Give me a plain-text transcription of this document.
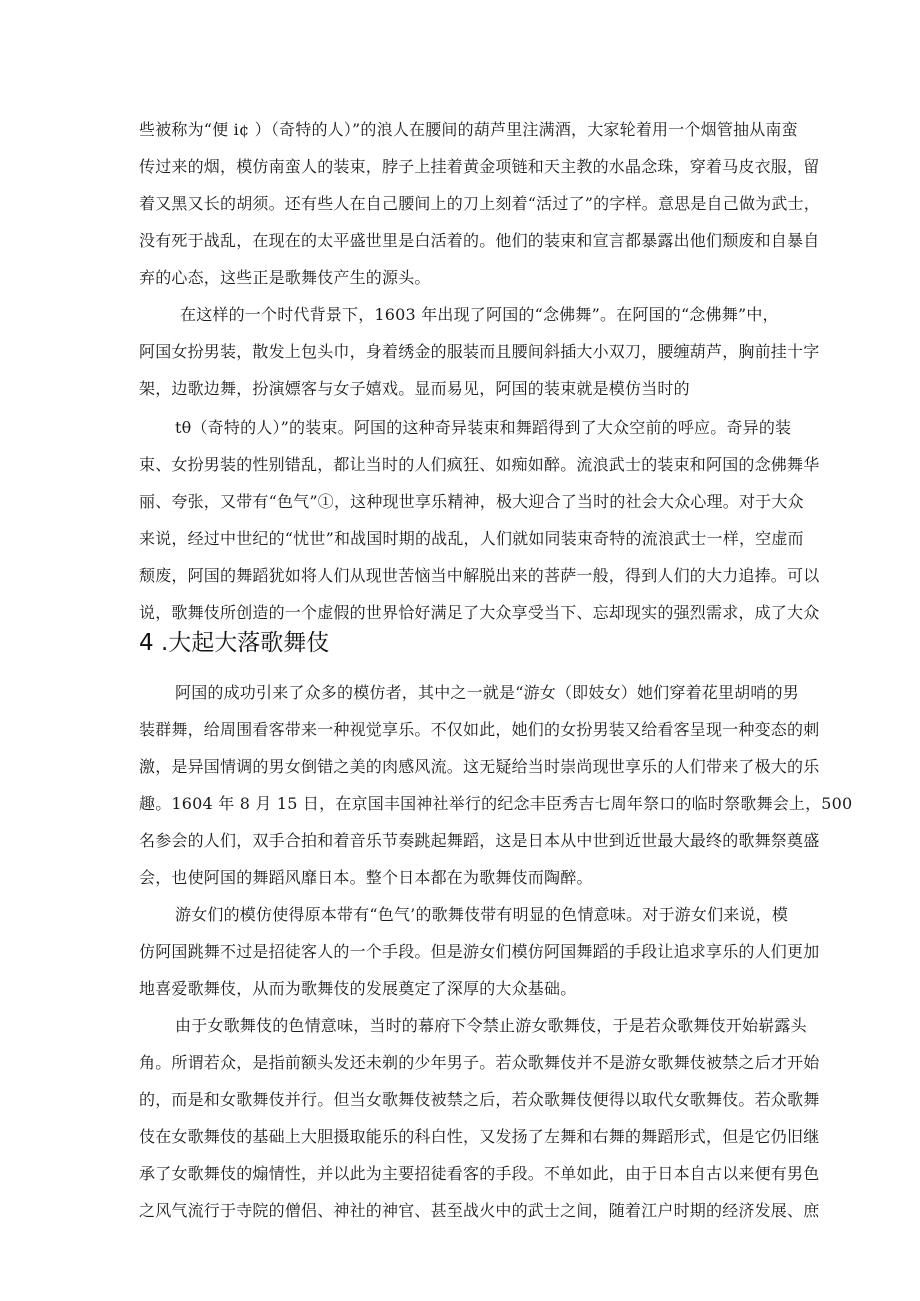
些被称为“便 i¢ ）（奇特的人）”的浪人在腰间的葫芦里注满酒，大家轮着用一个烟管抽从南蛮
传过来的烟，模仿南蛮人的装束，脖子上挂着黄金项链和天主教的水晶念珠，穿着马皮衣服，留
着又黑又长的胡须。还有些人在自己腰间上的刀上刻着“活过了”的字样。意思是自己做为武士，
没有死于战乱，在现在的太平盛世里是白活着的。他们的装束和宣言都暴露出他们颓废和自暴自
弃的心态，这些正是歌舞伎产生的源头。
在这样的一个时代背景下，1603 年出现了阿国的“念佛舞”。在阿国的“念佛舞”中，
阿国女扮男装，散发上包头巾，身着绣金的服装而且腰间斜插大小双刀，腰缠葫芦，胸前挂十字
架，边歌边舞，扮演嫖客与女子嬉戏。显而易见，阿国的装束就是模仿当时的
tθ（奇特的人）”的装束。阿国的这种奇异装束和舞蹈得到了大众空前的呼应。奇异的装
束、女扮男装的性别错乱，都让当时的人们疯狂、如痴如醉。流浪武士的装束和阿国的念佛舞华
丽、夸张，又带有“色气”①，这种现世享乐精神，极大迎合了当时的社会大众心理。对于大众
来说，经过中世纪的“忧世”和战国时期的战乱，人们就如同装束奇特的流浪武士一样，空虚而
颓废，阿国的舞蹈犹如将人们从现世苦恼当中解脱出来的菩萨一般，得到人们的大力追捧。可以
说，歌舞伎所创造的一个虚假的世界恰好满足了大众享受当下、忘却现实的强烈需求，成了大众
4 .大起大落歌舞伎
阿国的成功引来了众多的模仿者，其中之一就是“游女（即妓女）她们穿着花里胡哨的男
装群舞，给周围看客带来一种视觉享乐。不仅如此，她们的女扮男装又给看客呈现一种变态的刺
激，是异国情调的男女倒错之美的肉感风流。这无疑给当时崇尚现世享乐的人们带来了极大的乐
趣。1604 年 8 月 15 日，在京国丰国神社举行的纪念丰臣秀吉七周年祭口的临时祭歌舞会上，500
名参会的人们，双手合拍和着音乐节奏跳起舞蹈，这是日本从中世到近世最大最终的歌舞祭奠盛
会，也使阿国的舞蹈风靡日本。整个日本都在为歌舞伎而陶醉。
游女们的模仿使得原本带有“色气’的歌舞伎带有明显的色情意味。对于游女们来说，模
仿阿国跳舞不过是招徒客人的一个手段。但是游女们模仿阿国舞蹈的手段让追求享乐的人们更加
地喜爱歌舞伎，从而为歌舞伎的发展奠定了深厚的大众基础。
由于女歌舞伎的色情意味，当时的幕府下令禁止游女歌舞伎，于是若众歌舞伎开始崭露头
角。所谓若众，是指前额头发还未剃的少年男子。若众歌舞伎并不是游女歌舞伎被禁之后才开始
的，而是和女歌舞伎并行。但当女歌舞伎被禁之后，若众歌舞伎便得以取代女歌舞伎。若众歌舞
伎在女歌舞伎的基础上大胆摄取能乐的科白性，又发扬了左舞和右舞的舞蹈形式，但是它仍旧继
承了女歌舞伎的煽情性，并以此为主要招徒看客的手段。不单如此，由于日本自古以来便有男色
之风气流行于寺院的僧侣、神社的神官、甚至战火中的武士之间，随着江户时期的经济发展、庶
